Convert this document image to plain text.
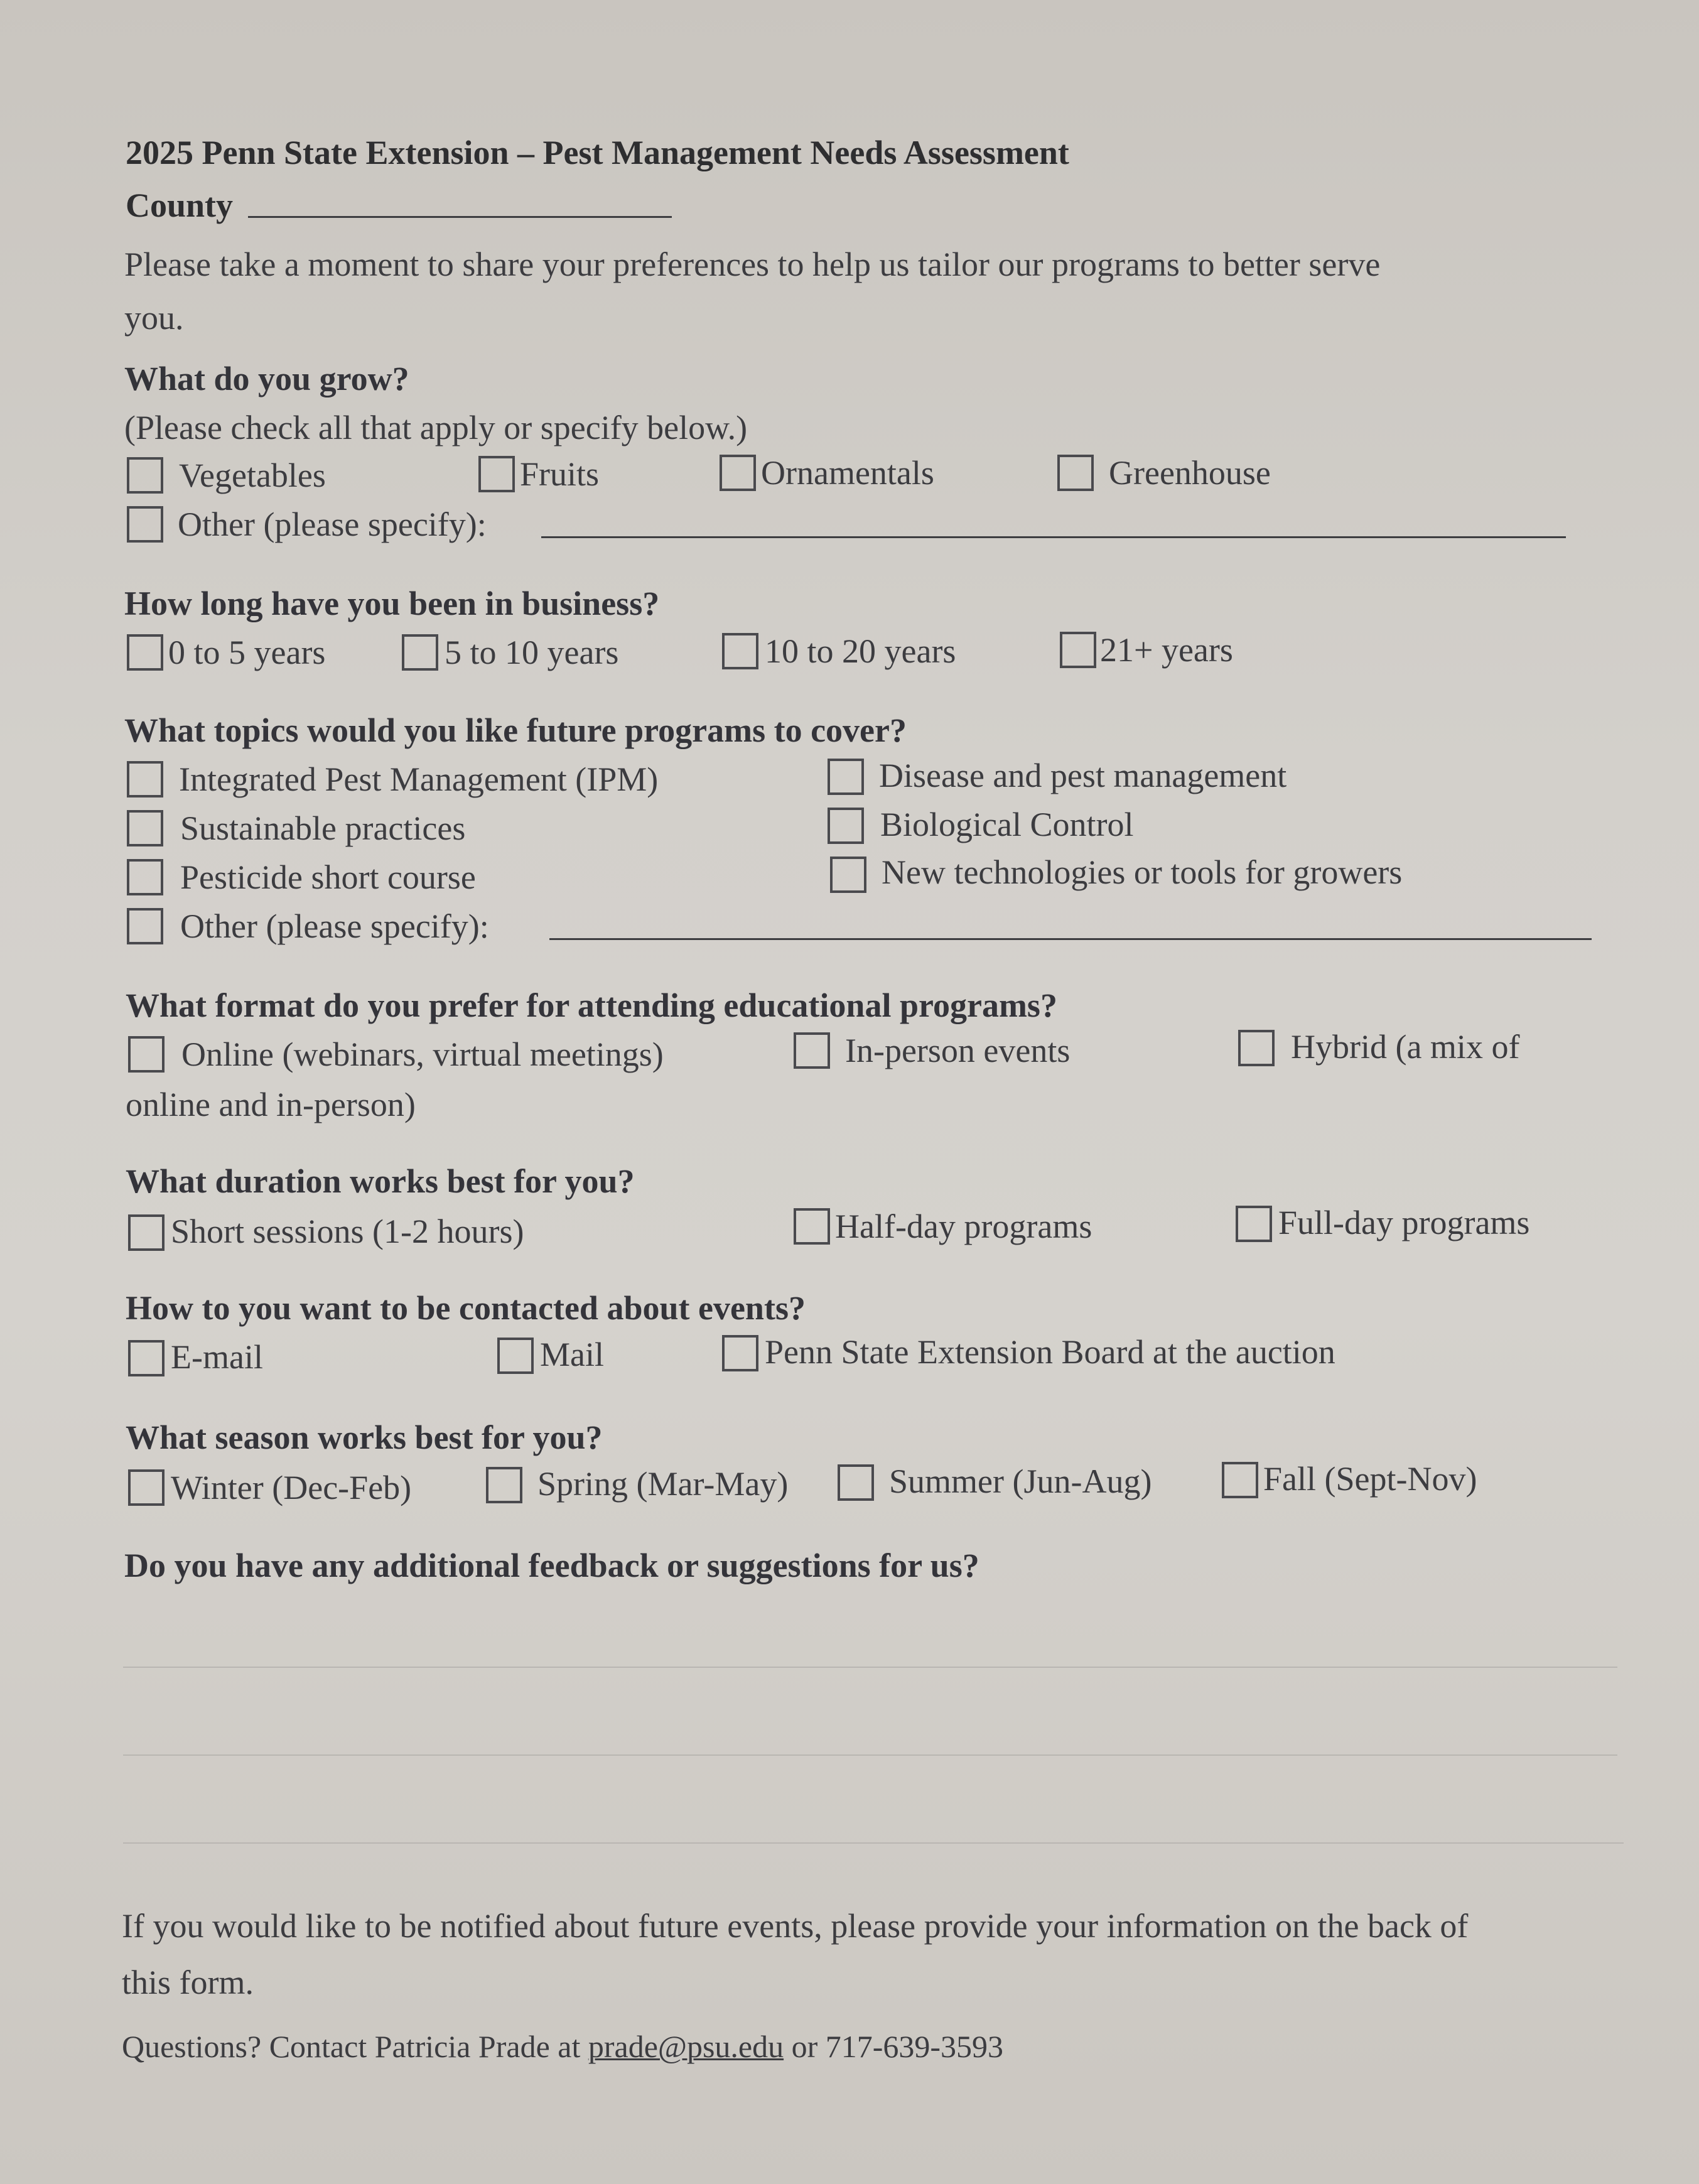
2025 Penn State Extension – Pest Management Needs Assessment
County
Please take a moment to share your preferences to help us tailor our programs to better serve
you.
What do you grow?
(Please check all that apply or specify below.)
Vegetables	Fruits	Ornamentals	Greenhouse
Other (please specify):
How long have you been in business?
0 to 5 years	5 to 10 years	10 to 20 years	21+ years
What topics would you like future programs to cover?
Integrated Pest Management (IPM)
Sustainable practices
Pesticide short course
Disease and pest management
Biological Control
New technologies or tools for growers
Other (please specify):
What format do you prefer for attending educational programs?
Online (webinars, virtual meetings)	In-person events	Hybrid (a mix of
online and in-person)
What duration works best for you?
Short sessions (1-2 hours)	Half-day programs	Full-day programs
How to you want to be contacted about events?
E-mail	Mail	Penn State Extension Board at the auction
What season works best for you?
Winter (Dec-Feb)	Spring (Mar-May)	Summer (Jun-Aug)	Fall (Sept-Nov)
Do you have any additional feedback or suggestions for us?
If you would like to be notified about future events, please provide your information on the back of
this form.
Questions? Contact Patricia Prade at prade@psu.edu or 717-639-3593
